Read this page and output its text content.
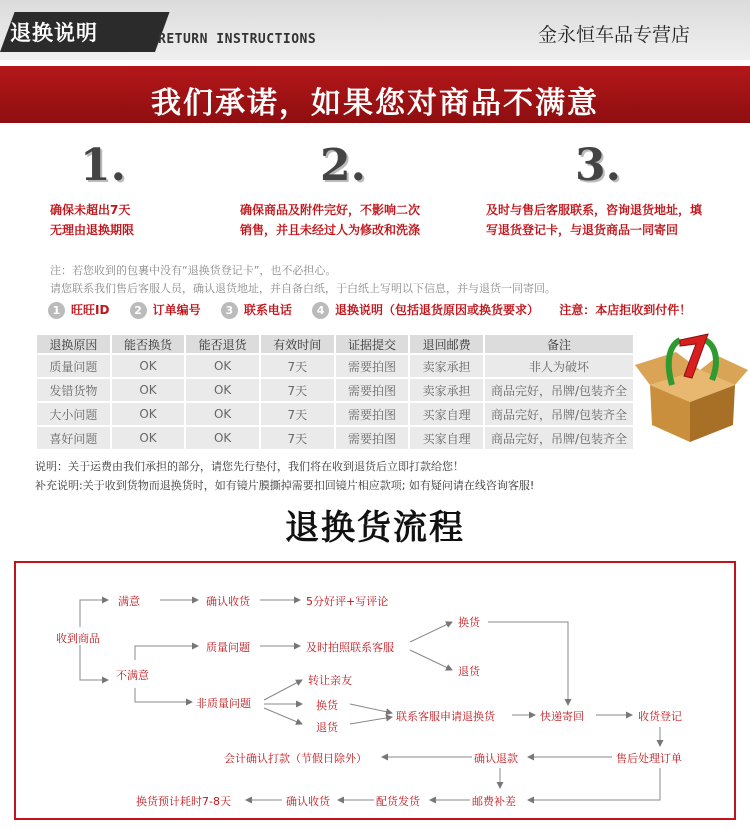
退换说明	RETURN INSTRUCTIONS	金永恒车品专营店
我们承诺，如果您对商品不满意
1.
确保未超出7天
无理由退换期限
2.
确保商品及附件完好，不影响二次
销售，并且未经过人为修改和洗涤
3.
及时与售后客服联系，咨询退货地址，填
写退货登记卡，与退货商品一同寄回
注：若您收到的包裹中没有“退换货登记卡”，也不必担心。
请您联系我们售后客服人员，确认退货地址，并自备白纸，于白纸上写明以下信息，并与退货一同寄回。
1 旺旺ID 2 订单编号 3 联系电话 4 退换说明（包括退货原因或换货要求） 注意：本店拒收到付件！
退换原因	能否换货	能否退货	有效时间	证据提交	退回邮费	备注
质量问题	OK	OK	7天	需要拍图	卖家承担	非人为破坏
发错货物	OK	OK	7天	需要拍图	卖家承担	商品完好，吊牌/包装齐全
大小问题	OK	OK	7天	需要拍图	买家自理	商品完好，吊牌/包装齐全
喜好问题	OK	OK	7天	需要拍图	买家自理	商品完好，吊牌/包装齐全
说明：关于运费由我们承担的部分，请您先行垫付，我们将在收到退货后立即打款给您！
补充说明:关于收到货物而退换货时，如有镜片膜撕掉需要扣回镜片相应款项; 如有疑问请在线咨询客服!
退换货流程
收到商品
满意	确认收货	5分好评+写评论
不满意
质量问题	及时拍照联系客服
换货
退货
非质量问题
转让亲友
换货
退货
联系客服申请退换货	快递寄回	收货登记
售后处理订单
确认退款
会计确认打款（节假日除外）
邮费补差
配货发货
确认收货
换货预计耗时7-8天
